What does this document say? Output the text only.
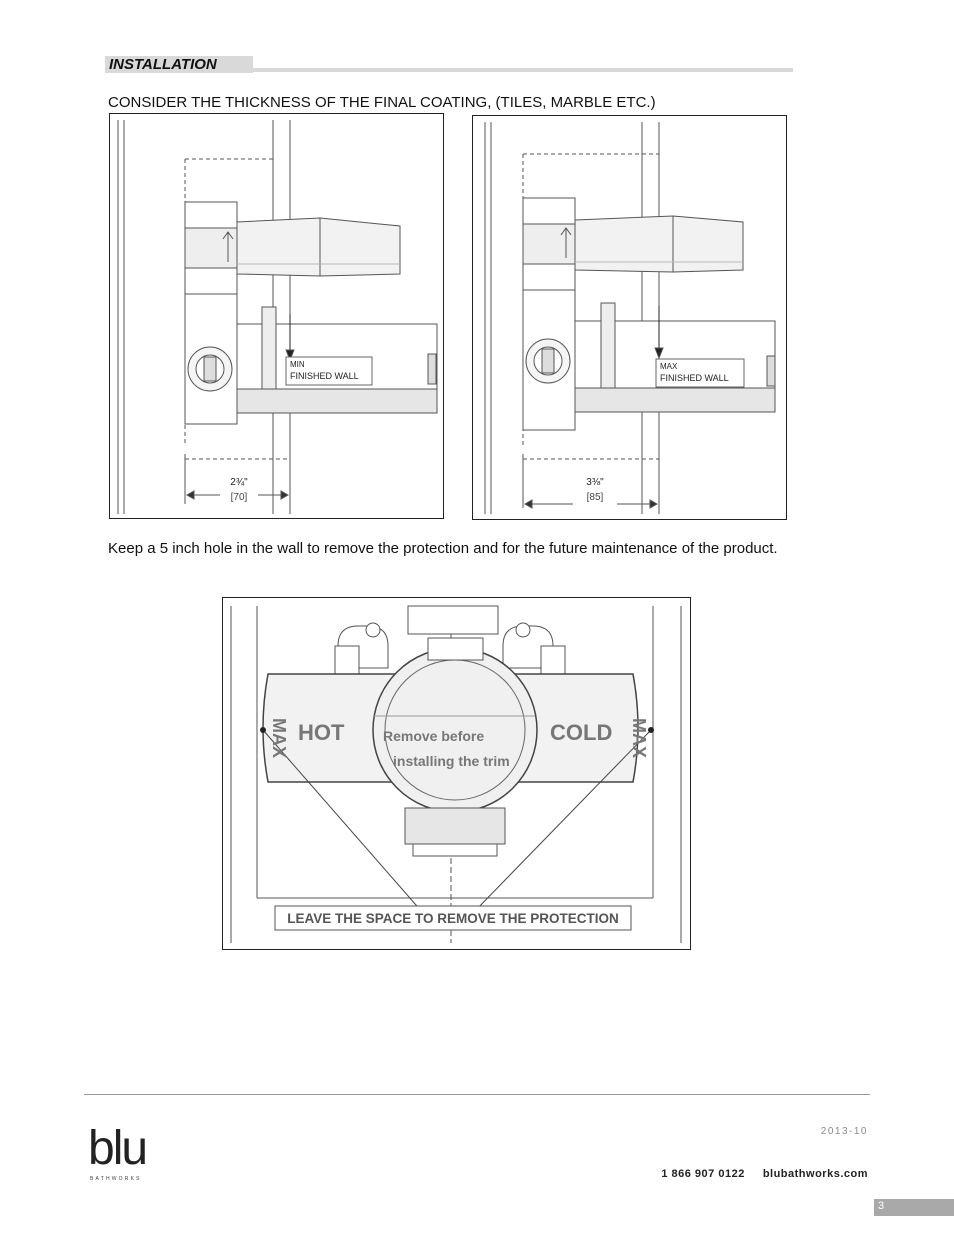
INSTALLATION
CONSIDER THE THICKNESS OF THE FINAL COATING, (TILES, MARBLE ETC.)
MIN
FINISHED WALL
2¾"
[70]
MAX
FINISHED WALL
3⅜"
[85]
Keep a 5 inch hole in the wall to remove the protection and for the future maintenance of the product.
MAX HOT	Remove before
installing the trim
COLD MAX
LEAVE THE SPACE TO REMOVE THE PROTECTION
blu
BATHWORKS
2013-10
1 866 907 0122 blubathworks.com
3
